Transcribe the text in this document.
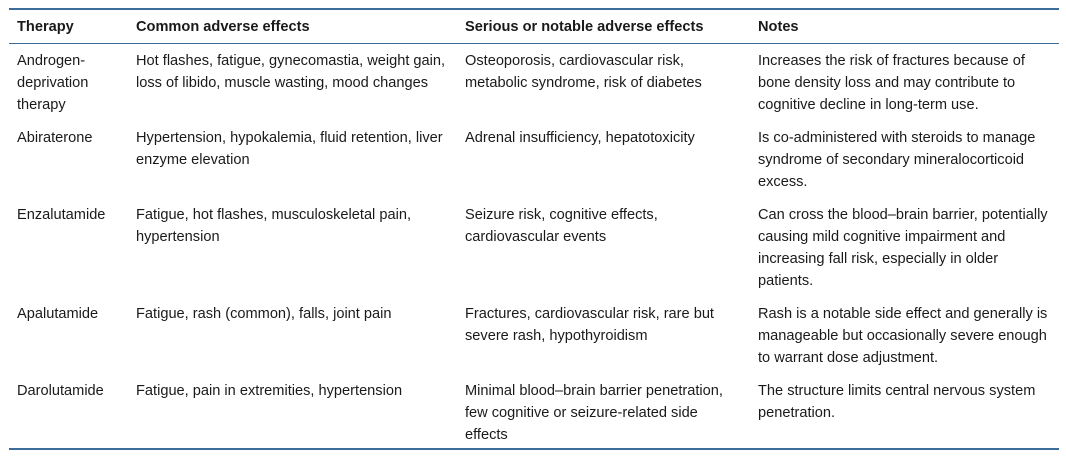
Therapy	Common adverse effects	Serious or notable adverse effects	Notes
Androgen-deprivation therapy	Hot flashes, fatigue, gynecomastia, weight gain, loss of libido, muscle wasting, mood changes	Osteoporosis, cardiovascular risk, metabolic syndrome, risk of diabetes	Increases the risk of fractures because of bone density loss and may contribute to cognitive decline in long-term use.
Abiraterone	Hypertension, hypokalemia, fluid retention, liver enzyme elevation	Adrenal insufficiency, hepatotoxicity	Is co-administered with steroids to manage syndrome of secondary mineralocorticoid excess.
Enzalutamide	Fatigue, hot flashes, musculoskeletal pain, hypertension	Seizure risk, cognitive effects, cardiovascular events	Can cross the blood–brain barrier, potentially causing mild cognitive impairment and increasing fall risk, especially in older patients.
Apalutamide	Fatigue, rash (common), falls, joint pain	Fractures, cardiovascular risk, rare but severe rash, hypothyroidism	Rash is a notable side effect and generally is manageable but occasionally severe enough to warrant dose adjustment.
Darolutamide	Fatigue, pain in extremities, hypertension	Minimal blood–brain barrier penetration, few cognitive or seizure-related side effects	The structure limits central nervous system penetration.
